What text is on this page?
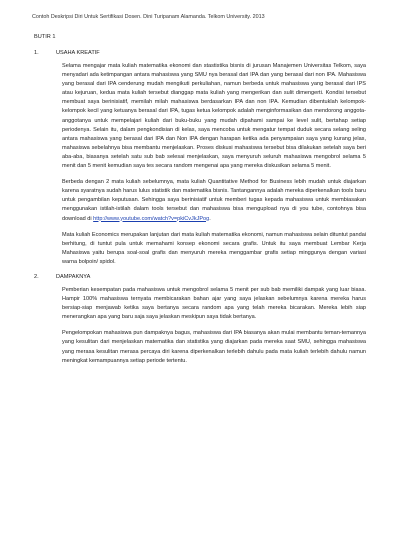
Contoh Deskripsi Diri Untuk Sertifikasi Dosen. Dini Turipanam Alamanda. Telkom University. 2013
BUTIR 1
1.	USAHA KREATIF

Selama mengajar mata kuliah matematika ekonomi dan stastistika bisnis di jurusan Manajemen Universitas Telkom, saya menyadari ada ketimpangan antara mahasiswa yang SMU nya berasal dari IPA dan yang berasal dari non IPA. Mahasiswa yang berasal dari IPA cenderung mudah mengikuti perkuliahan, namun berbeda untuk mahasiswa yang berasal dari IPS atau kejuruan, kedua mata kuliah tersebut dianggap mata kuliah yang mengerikan dan sulit dimengerti. Kondisi tersebut membuat saya berinisiatif, memilah milah mahasiswa berdasarkan IPA dan non IPA. Kemudian dibentuklah kelompok-kelompok kecil yang ketuanya berasal dari IPA, tugas ketua kelompok adalah menginformasikan dan mendorong anggota-anggotanya untuk mempelajari kuliah dari buku-buku yang mudah dipahami sampai ke level sulit, bertahap setiap periodenya. Selain itu, dalam pengkondisian di kelas, saya mencoba untuk mengatur tempat duduk secara selang seling antara mahasiswa yang berasal dari IPA dan Non IPA dengan harapan ketika ada penyampaian saya yang kurang jelas, mahasiswa sebelahnya bisa membantu menjelaskan. Proses diskusi mahasiswa tersebut bisa dilakukan setelah saya beri aba-aba, biasanya setelah satu sub bab selesai menjelaskan, saya menyuruh seluruh mahasiswa mengobrol selama 5 menit dan 5 menit kemudian saya tes secara random mengenai apa yang mereka diskusikan selama 5 menit.

Berbeda dengan 2 mata kuliah sebelumnya, mata kuliah Quantitative Method for Business lebih mudah untuk diajarkan karena syaratnya sudah harus lulus statistik dan matematika bisnis. Tantangannya adalah mereka diperkenalkan tools baru untuk pengambilan keputusan. Sehingga saya berinisiatif untuk memberi tugas kepada mahasiswa untuk membiasakan menggunakan istilah-istilah dalam tools tersebut dan mahasiswa bisa mengupload nya di you tube, contohnya bisa download di http://www.youtube.com/watch?v=pkiCvJkJPog.

Mata kuliah Economics merupakan lanjutan dari mata kuliah matematika ekonomi, namun mahasiswa selain dituntut pandai berhitung, di tuntut pula untuk memahami konsep ekonomi secara grafis. Untuk itu saya membuat Lembar Kerja Mahasiswa yaitu berupa soal-soal grafis dan menyuruh mereka menggambar grafis setiap minggunya dengan variasi warna bolpoin/ spidol.

2.	DAMPAKNYA

Pemberian kesempatan pada mahasiswa untuk mengobrol selama 5 menit per sub bab memiliki dampak yang luar biasa. Hampir 100% mahasiswa ternyata membicarakan bahan ajar yang saya jelaskan sebelumnya karena mereka harus bersiap-siap menjawab ketika saya bertanya secara random apa yang telah mereka bicarakan. Mereka lebih siap menerangkan apa yang baru saja saya jelaskan meskipun saya tidak bertanya.

Pengelompokan mahasiswa pun dampaknya bagus, mahasiswa dari IPA biasanya akan mulai membantu teman-temannya yang kesulitan dari menjelaskan matematika dan statistika yang diajarkan pada mereka saat SMU, sehingga mahasiswa yang merasa kesulitan merasa percaya diri karena diperkenalkan terlebih dahulu pada mata kuliah terlebih dahulu namun meningkat kemampuannya setiap periode tertentu.
